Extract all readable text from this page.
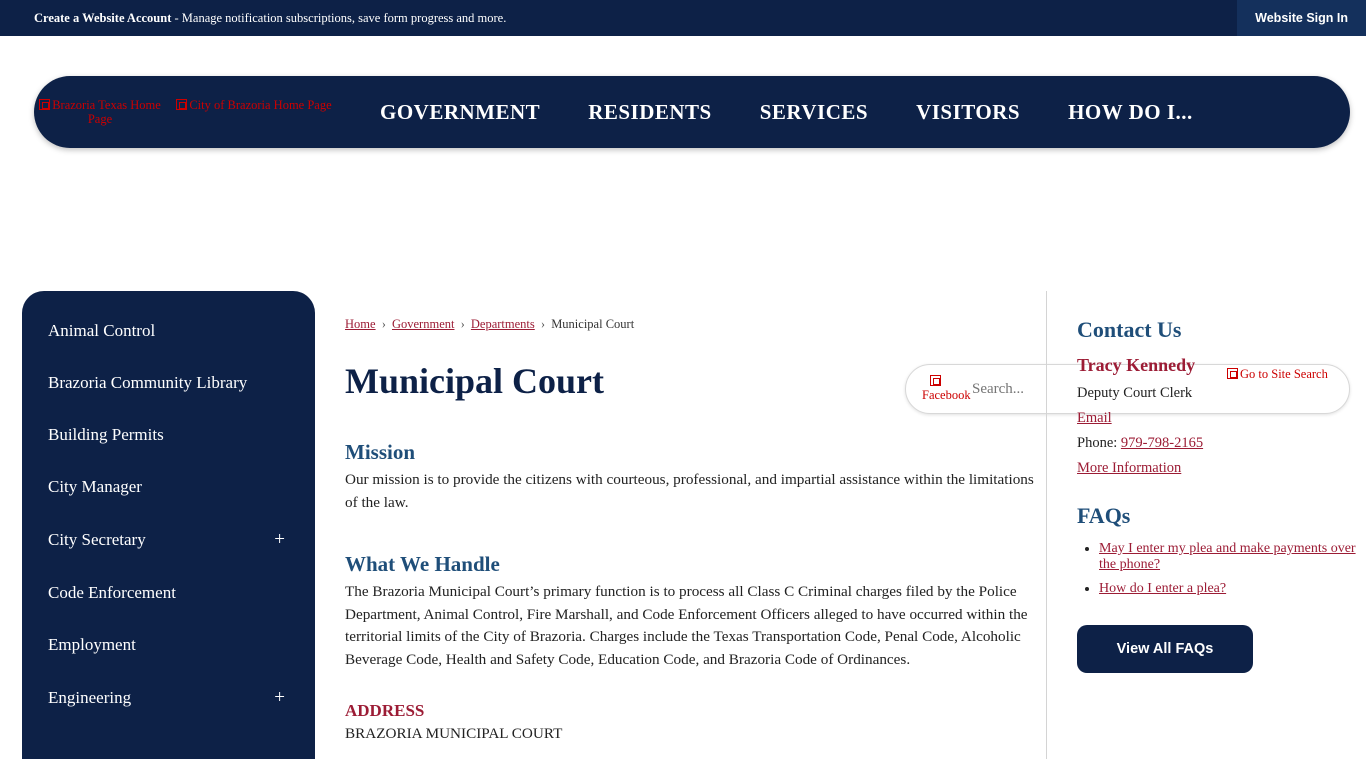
Create a Website Account - Manage notification subscriptions, save form progress and more.	Website Sign In
Brazoria Texas Home Page
City of Brazoria Home Page	GOVERNMENT	RESIDENTS	SERVICES	VISITORS	HOW DO I...
Search...
Facebook
Go to Site Search
Animal Control
Brazoria Community Library
Building Permits
City Manager
City Secretary	+
Code Enforcement
Employment
Engineering	+
Home › Government › Departments › Municipal Court
Municipal Court
Mission

Our mission is to provide the citizens with courteous, professional, and impartial assistance within the limitations of the law.

What We Handle

The Brazoria Municipal Court’s primary function is to process all Class C Criminal charges filed by the Police Department, Animal Control, Fire Marshall, and Code Enforcement Officers alleged to have occurred within the territorial limits of the City of Brazoria. Charges include the Texas Transportation Code, Penal Code, Alcoholic Beverage Code, Health and Safety Code, Education Code, and Brazoria Code of Ordinances.

ADDRESS
BRAZORIA MUNICIPAL COURT
Contact Us
Tracy Kennedy
Deputy Court Clerk
Email
Phone: 979-798-2165
More Information
FAQs
• May I enter my plea and make payments over the phone?
• How do I enter a plea?
View All FAQs
